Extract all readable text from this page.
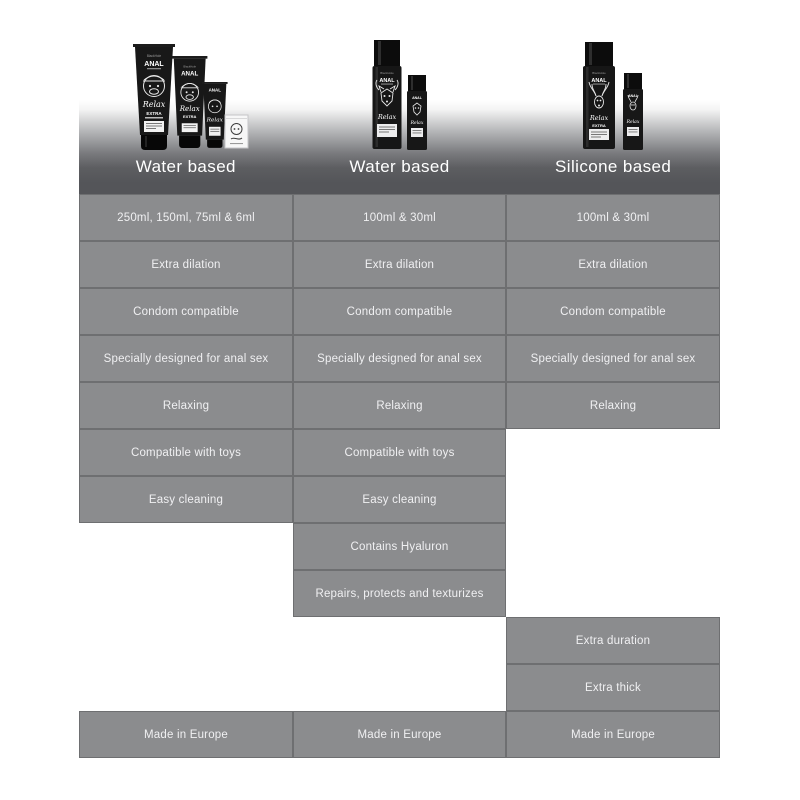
Water based	Water based	Silicone based
BlackHole
ANAL
Relax
EXTRA
BlackHole
ANAL
Relax
EXTRA
ANAL
Relax
BlackHole
ANAL
Relax
ANAL
Relax
BlackHole
ANAL
Relax
EXTRA
ANAL
Relax
250ml, 150ml, 75ml & 6ml
Extra dilation
Condom compatible
Specially designed for anal sex
Relaxing
Compatible with toys
Easy cleaning
Made in Europe
100ml & 30ml
Extra dilation
Condom compatible
Specially designed for anal sex
Relaxing
Compatible with toys
Easy cleaning
Contains Hyaluron
Repairs, protects and texturizes
Made in Europe
100ml & 30ml
Extra dilation
Condom compatible
Specially designed for anal sex
Relaxing
Extra duration
Extra thick
Made in Europe
